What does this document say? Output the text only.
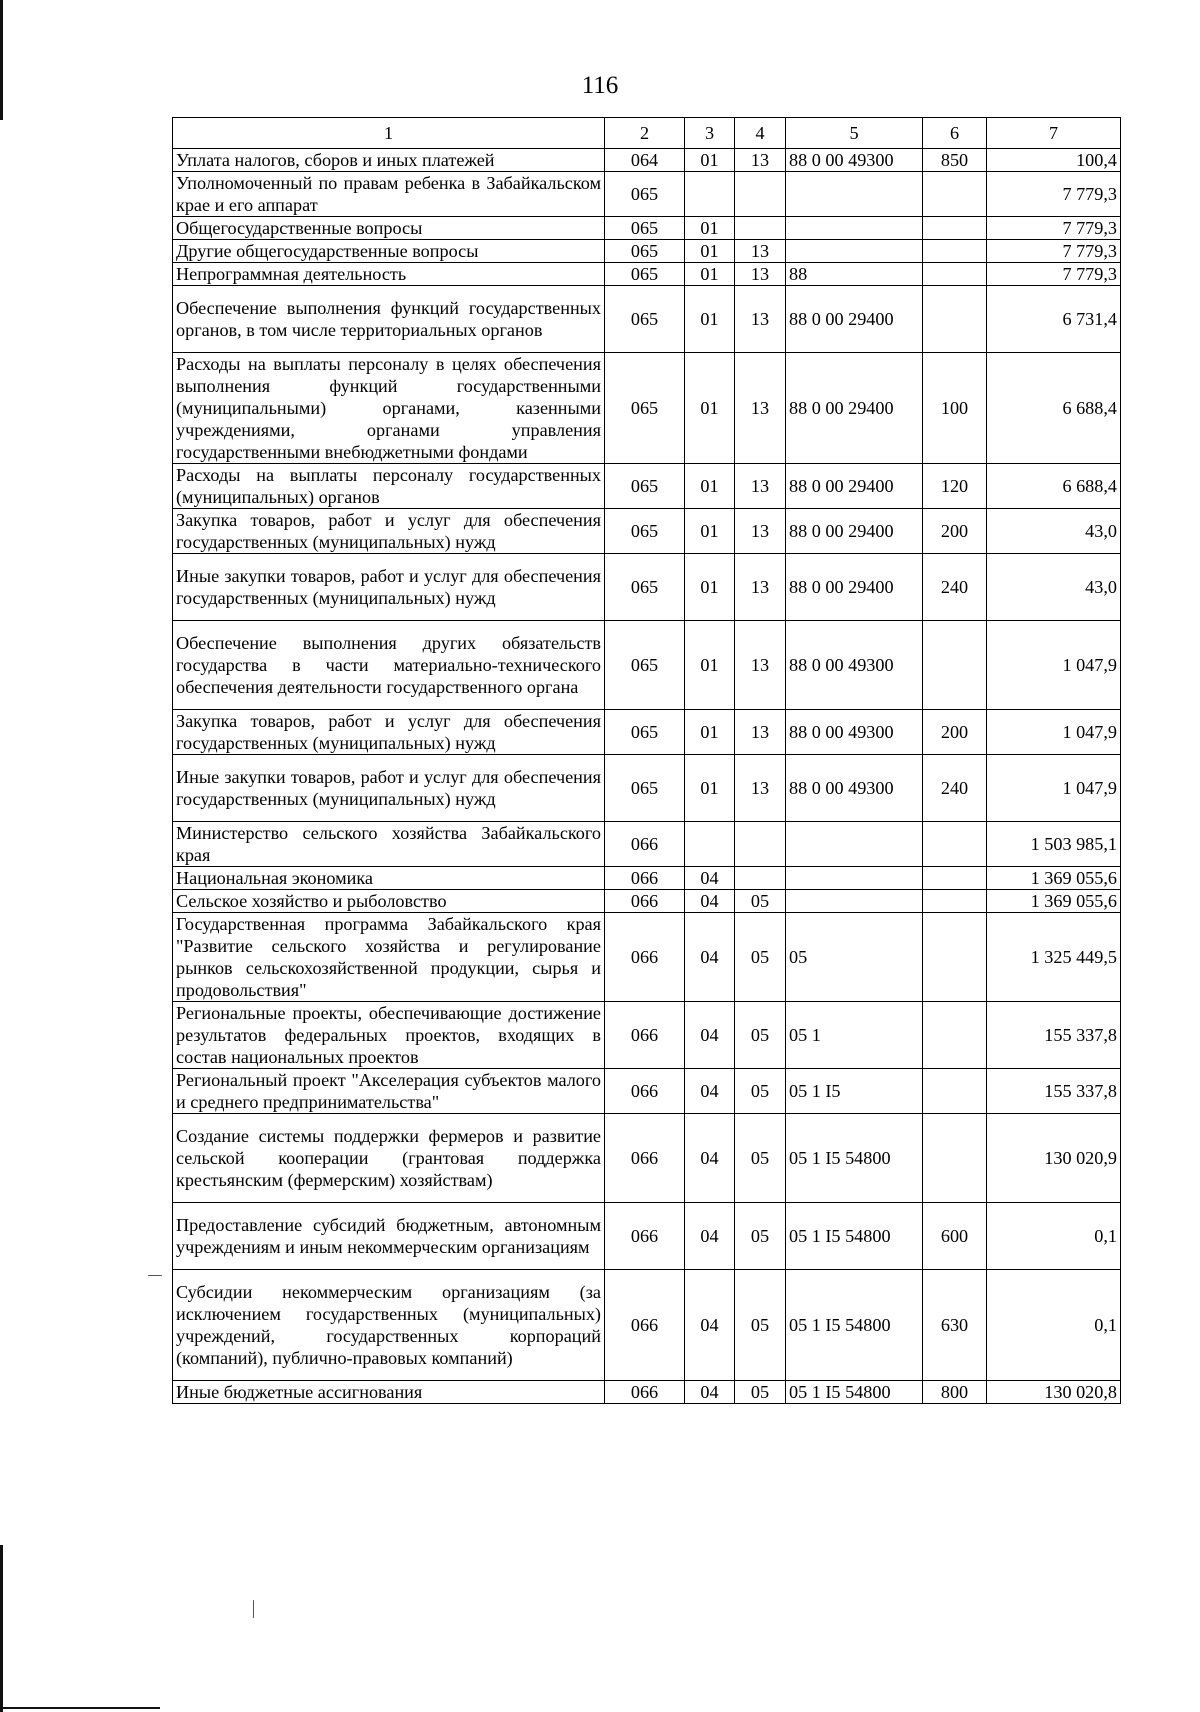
116
1	2	3	4	5	6	7
Уплата налогов, сборов и иных платежей	064	01	13	88 0 00 49300	850	100,4
Уполномоченный по правам ребенка в Забайкальском крае и его аппарат	065					7 779,3
Общегосударственные вопросы	065	01				7 779,3
Другие общегосударственные вопросы	065	01	13			7 779,3
Непрограммная деятельность	065	01	13	88		7 779,3
Обеспечение выполнения функций государственных органов, в том числе территориальных органов	065	01	13	88 0 00 29400		6 731,4
Расходы на выплаты персоналу в целях обеспечения выполнения функций государственными (муниципальными) органами, казенными учреждениями, органами управления государственными внебюджетными фондами	065	01	13	88 0 00 29400	100	6 688,4
Расходы на выплаты персоналу государственных (муниципальных) органов	065	01	13	88 0 00 29400	120	6 688,4
Закупка товаров, работ и услуг для обеспечения государственных (муниципальных) нужд	065	01	13	88 0 00 29400	200	43,0
Иные закупки товаров, работ и услуг для обеспечения государственных (муниципальных) нужд	065	01	13	88 0 00 29400	240	43,0
Обеспечение выполнения других обязательств государства в части материально-технического обеспечения деятельности государственного органа	065	01	13	88 0 00 49300		1 047,9
Закупка товаров, работ и услуг для обеспечения государственных (муниципальных) нужд	065	01	13	88 0 00 49300	200	1 047,9
Иные закупки товаров, работ и услуг для обеспечения государственных (муниципальных) нужд	065	01	13	88 0 00 49300	240	1 047,9
Министерство сельского хозяйства Забайкальского края	066					1 503 985,1
Национальная экономика	066	04				1 369 055,6
Сельское хозяйство и рыболовство	066	04	05			1 369 055,6
Государственная программа Забайкальского края "Развитие сельского хозяйства и регулирование рынков сельскохозяйственной продукции, сырья и продовольствия"	066	04	05	05		1 325 449,5
Региональные проекты, обеспечивающие достижение результатов федеральных проектов, входящих в состав национальных проектов	066	04	05	05 1		155 337,8
Региональный проект "Акселерация субъектов малого и среднего предпринимательства"	066	04	05	05 1 I5		155 337,8
Создание системы поддержки фермеров и развитие сельской кооперации (грантовая поддержка крестьянским (фермерским) хозяйствам)	066	04	05	05 1 I5 54800		130 020,9
Предоставление субсидий бюджетным, автономным учреждениям и иным некоммерческим организациям	066	04	05	05 1 I5 54800	600	0,1
Субсидии некоммерческим организациям (за исключением государственных (муниципальных) учреждений, государственных корпораций (компаний), публично-правовых компаний)	066	04	05	05 1 I5 54800	630	0,1
Иные бюджетные ассигнования	066	04	05	05 1 I5 54800	800	130 020,8
